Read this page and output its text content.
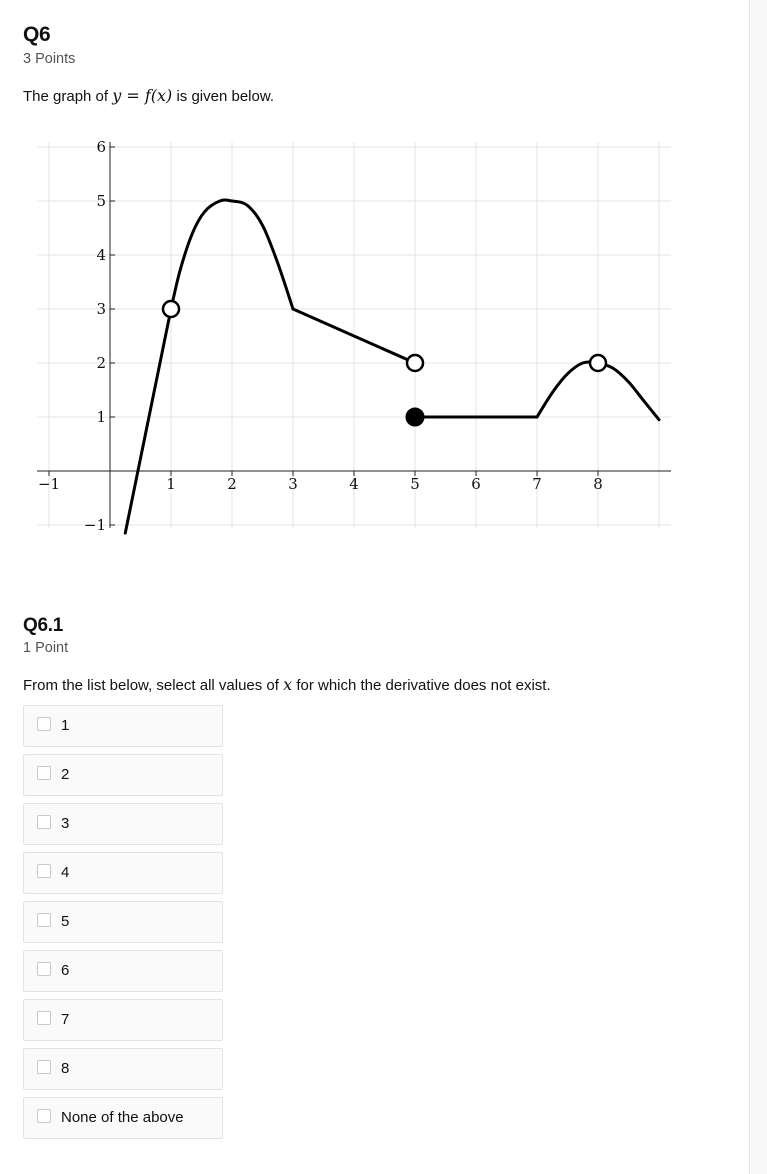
Q6
3 Points
The graph of y = f(x) is given below.
−1	1	2	3	4	5	6	7	8
−1
1
2
3
4
5
6
Q6.1
1 Point
From the list below, select all values of x for which the derivative does not exist.
1
2
3
4
5
6
7
8
None of the above
